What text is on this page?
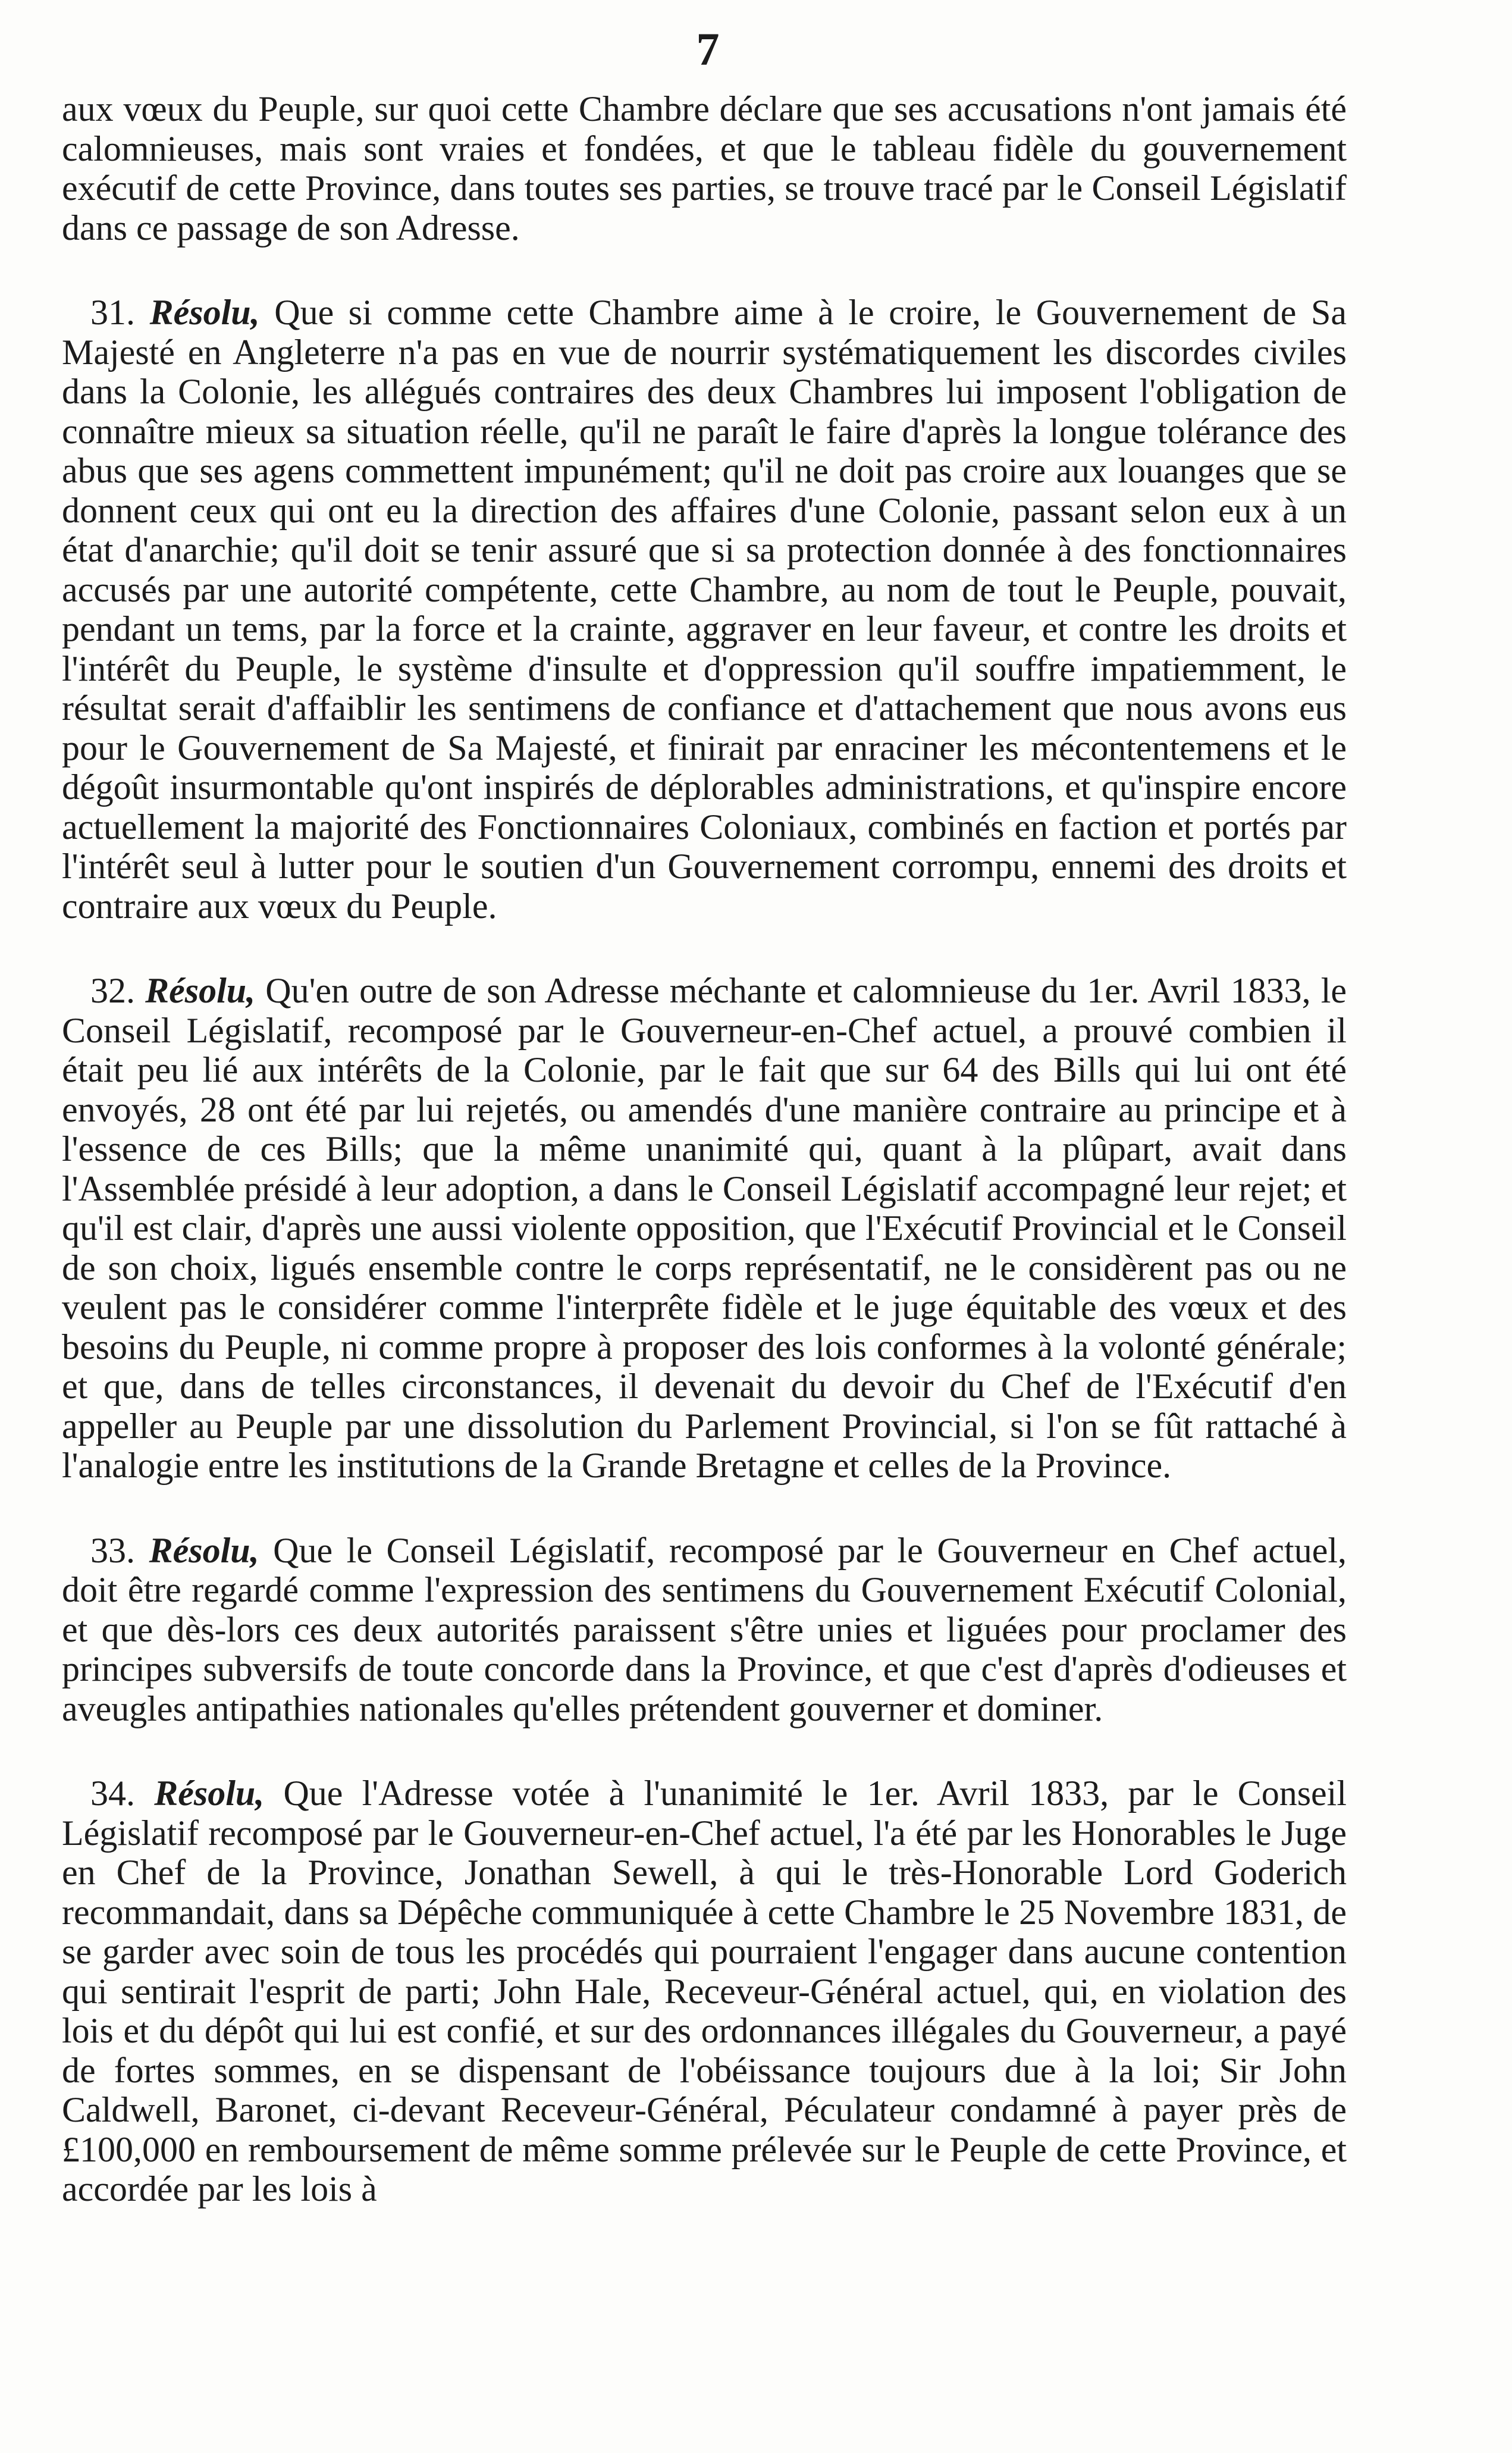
7

aux vœux du Peuple, sur quoi cette Chambre déclare que ses accusations n'ont jamais été calomnieuses, mais sont vraies et fondées, et que le tableau fidèle du gouvernement exécutif de cette Province, dans toutes ses parties, se trouve tracé par le Conseil Législatif dans ce passage de son Adresse.

31. Résolu, Que si comme cette Chambre aime à le croire, le Gouvernement de Sa Majesté en Angleterre n'a pas en vue de nourrir systématiquement les discordes civiles dans la Colonie, les allégués contraires des deux Chambres lui imposent l'obligation de connaître mieux sa situation réelle, qu'il ne paraît le faire d'après la longue tolérance des abus que ses agens commettent impunément; qu'il ne doit pas croire aux louanges que se donnent ceux qui ont eu la direction des affaires d'une Colonie, passant selon eux à un état d'anarchie; qu'il doit se tenir assuré que si sa protection donnée à des fonctionnaires accusés par une autorité compétente, cette Chambre, au nom de tout le Peuple, pouvait, pendant un tems, par la force et la crainte, aggraver en leur faveur, et contre les droits et l'intérêt du Peuple, le système d'insulte et d'oppression qu'il souffre impatiemment, le résultat serait d'affaiblir les sentimens de confiance et d'attachement que nous avons eus pour le Gouvernement de Sa Majesté, et finirait par enraciner les mécontentemens et le dégoût insurmontable qu'ont inspirés de déplorables administrations, et qu'inspire encore actuellement la majorité des Fonctionnaires Coloniaux, combinés en faction et portés par l'intérêt seul à lutter pour le soutien d'un Gouvernement corrompu, ennemi des droits et contraire aux vœux du Peuple.

32. Résolu, Qu'en outre de son Adresse méchante et calomnieuse du 1er. Avril 1833, le Conseil Législatif, recomposé par le Gouverneur-en-Chef actuel, a prouvé combien il était peu lié aux intérêts de la Colonie, par le fait que sur 64 des Bills qui lui ont été envoyés, 28 ont été par lui rejetés, ou amendés d'une manière contraire au principe et à l'essence de ces Bills; que la même unanimité qui, quant à la plûpart, avait dans l'Assemblée présidé à leur adoption, a dans le Conseil Législatif accompagné leur rejet; et qu'il est clair, d'après une aussi violente opposition, que l'Exécutif Provincial et le Conseil de son choix, ligués ensemble contre le corps représentatif, ne le considèrent pas ou ne veulent pas le considérer comme l'interprête fidèle et le juge équitable des vœux et des besoins du Peuple, ni comme propre à proposer des lois conformes à la volonté générale; et que, dans de telles circonstances, il devenait du devoir du Chef de l'Exécutif d'en appeller au Peuple par une dissolution du Parlement Provincial, si l'on se fût rattaché à l'analogie entre les institutions de la Grande Bretagne et celles de la Province.

33. Résolu, Que le Conseil Législatif, recomposé par le Gouverneur en Chef actuel, doit être regardé comme l'expression des sentimens du Gouvernement Exécutif Colonial, et que dès-lors ces deux autorités paraissent s'être unies et liguées pour proclamer des principes subversifs de toute concorde dans la Province, et que c'est d'après d'odieuses et aveugles antipathies nationales qu'elles prétendent gouverner et dominer.

34. Résolu, Que l'Adresse votée à l'unanimité le 1er. Avril 1833, par le Conseil Législatif recomposé par le Gouverneur-en-Chef actuel, l'a été par les Honorables le Juge en Chef de la Province, Jonathan Sewell, à qui le très-Honorable Lord Goderich recommandait, dans sa Dépêche communiquée à cette Chambre le 25 Novembre 1831, de se garder avec soin de tous les procédés qui pourraient l'engager dans aucune contention qui sentirait l'esprit de parti; John Hale, Receveur-Général actuel, qui, en violation des lois et du dépôt qui lui est confié, et sur des ordonnances illégales du Gouverneur, a payé de fortes sommes, en se dispensant de l'obéissance toujours due à la loi; Sir John Caldwell, Baronet, ci-devant Receveur-Général, Péculateur condamné à payer près de £100,000 en remboursement de même somme prélevée sur le Peuple de cette Province, et accordée par les lois à
